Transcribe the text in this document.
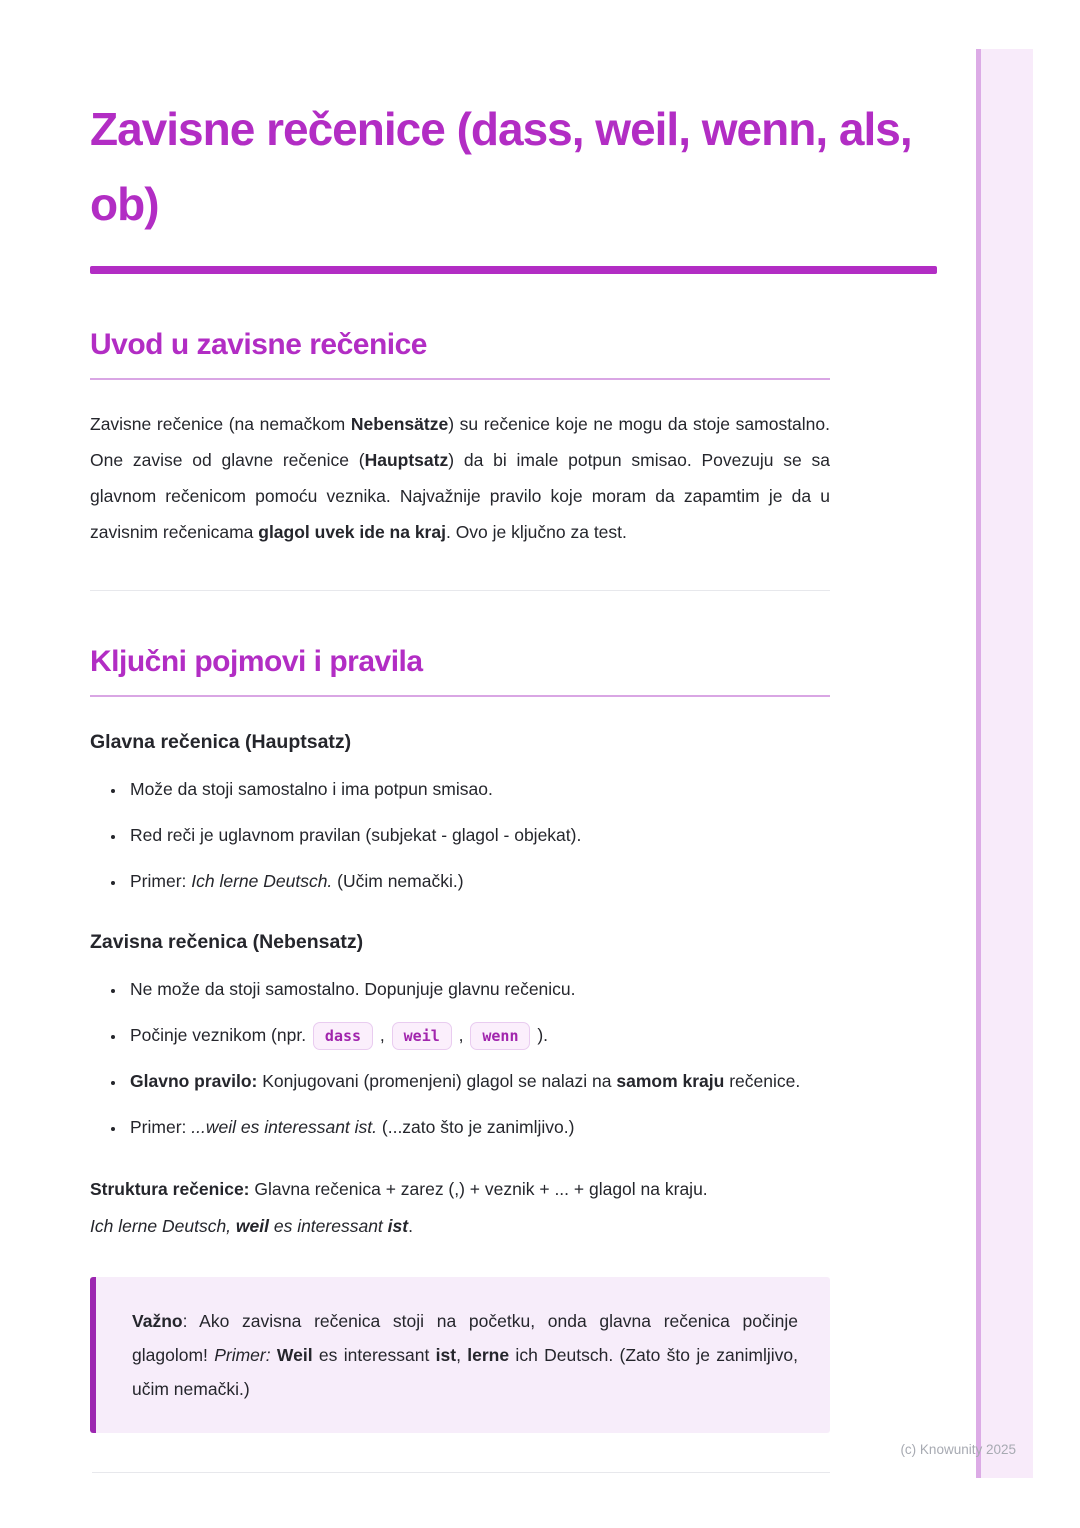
Zavisne rečenice (dass, weil, wenn, als, ob)
Uvod u zavisne rečenice

Zavisne rečenice (na nemačkom Nebensätze) su rečenice koje ne mogu da stoje samostalno. One zavise od glavne rečenice (Hauptsatz) da bi imale potpun smisao. Povezuju se sa glavnom rečenicom pomoću veznika. Najvažnije pravilo koje moram da zapamtim je da u zavisnim rečenicama glagol uvek ide na kraj. Ovo je ključno za test.

Ključni pojmovi i pravila
Glavna rečenica (Hauptsatz)
• Može da stoji samostalno i ima potpun smisao.
• Red reči je uglavnom pravilan (subjekat - glagol - objekat).
• Primer: Ich lerne Deutsch. (Učim nemački.)
Zavisna rečenica (Nebensatz)
• Ne može da stoji samostalno. Dopunjuje glavnu rečenicu.
• Počinje veznikom (npr. dass , weil , wenn ).
• Glavno pravilo: Konjugovani (promenjeni) glagol se nalazi na samom kraju rečenice.
• Primer: ...weil es interessant ist. (...zato što je zanimljivo.)

Struktura rečenice: Glavna rečenica + zarez (,) + veznik + ... + glagol na kraju.

Ich lerne Deutsch, weil es interessant ist.

Važno: Ako zavisna rečenica stoji na početku, onda glavna rečenica počinje glagolom! Primer: Weil es interessant ist, lerne ich Deutsch. (Zato što je zanimljivo, učim nemački.)

(c) Knowunity 2025
